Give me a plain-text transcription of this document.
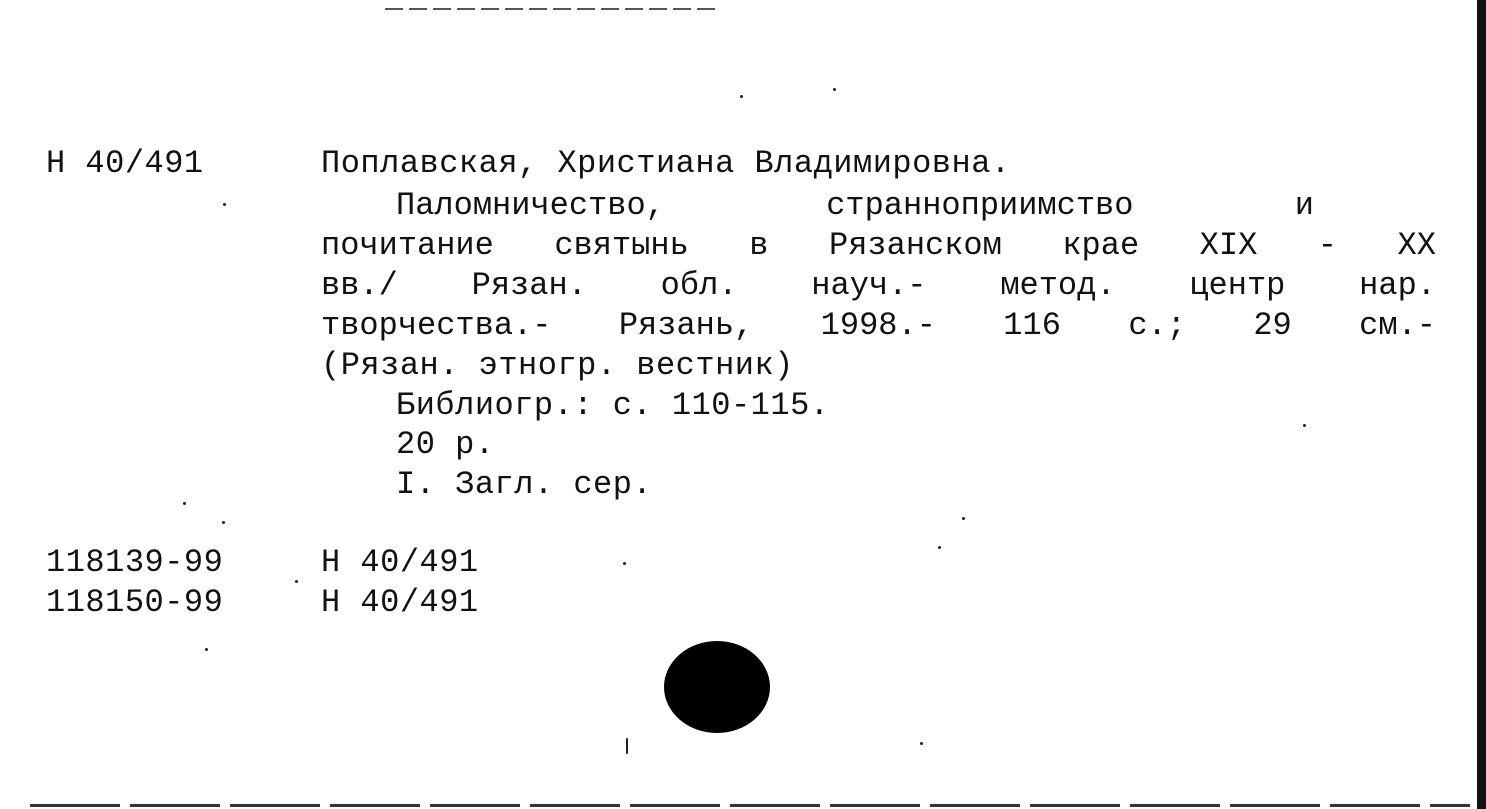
Н 40/491	Поплавская, Христиана Владимировна.
Паломничество,	странноприимство	и
почитание святынь в Рязанском крае XIX - XX
вв./ Рязан. обл. науч.- метод. центр нар.
творчества.- Рязань, 1998.- 116 с.; 29 см.-
(Рязан. этногр. вестник)
Библиогр.: с. 110-115.
20 р.
I. Загл. сер.
118139-99	Н 40/491
118150-99	Н 40/491
